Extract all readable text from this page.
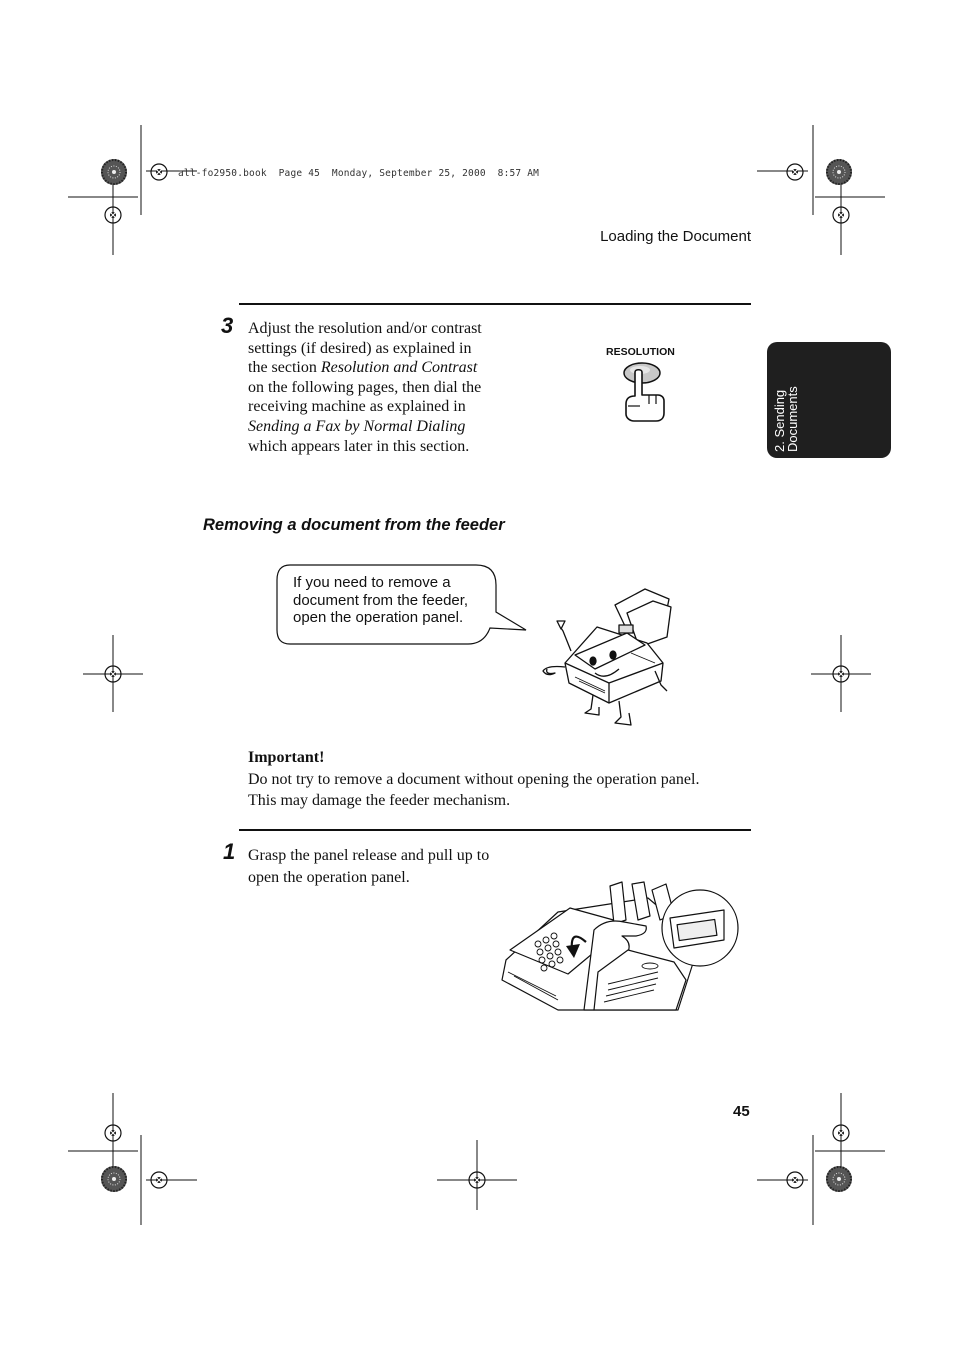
all-fo2950.book  Page 45  Monday, September 25, 2000  8:57 AM
Loading the Document
2. Sending
Documents
3 Adjust the resolution and/or contrast

settings (if desired) as explained in

the section Resolution and Contrast

on the following pages, then dial the

receiving machine as explained in

Sending a Fax by Normal Dialing

which appears later in this section.

RESOLUTION
Removing a document from the feeder
If you need to remove a
document from the feeder,
open the operation panel.
Important!
Do not try to remove a document without opening the operation panel.
This may damage the feeder mechanism.
1 Grasp the panel release and pull up to
open the operation panel.
45
